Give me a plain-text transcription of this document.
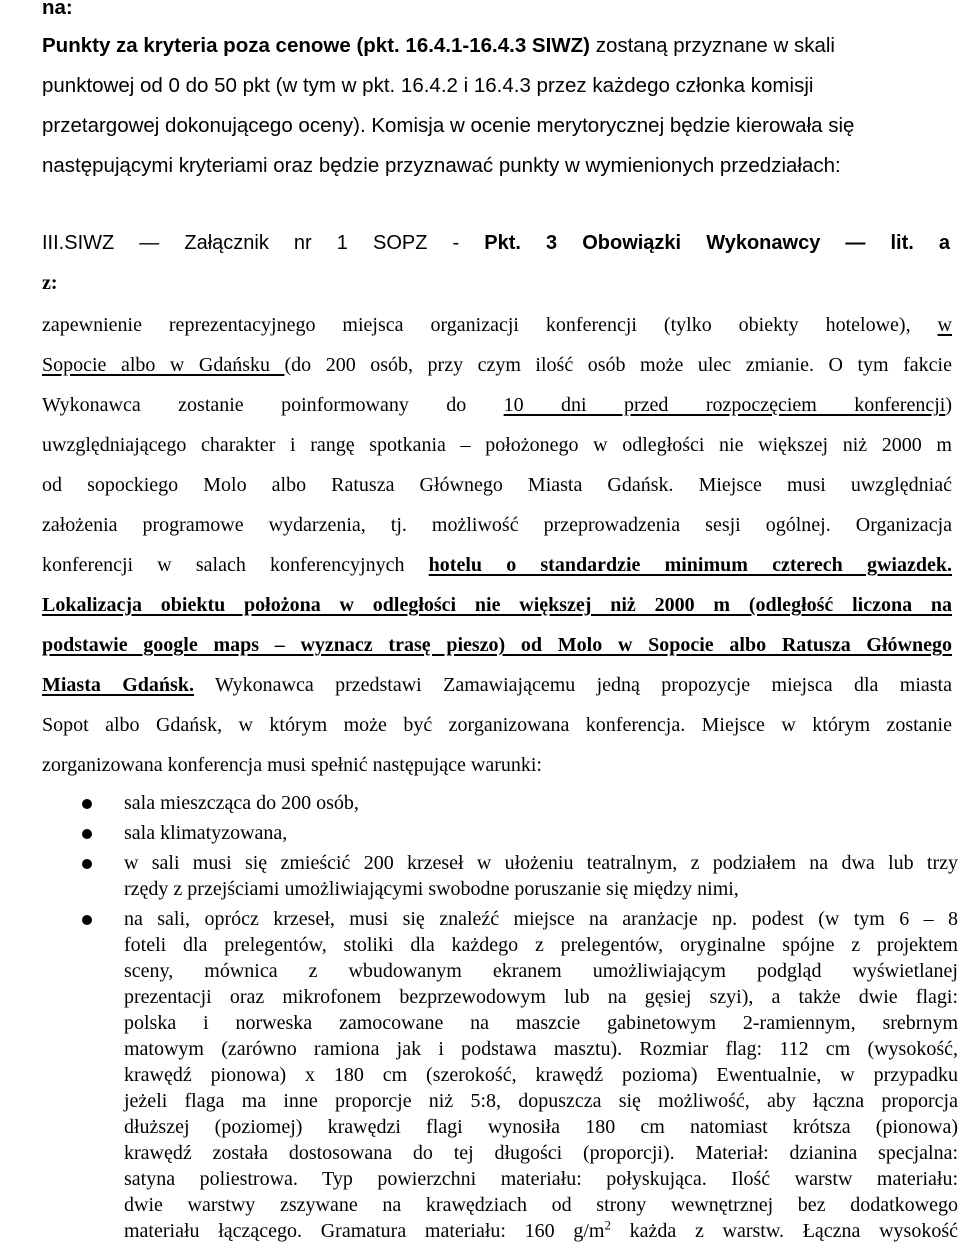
na:
Punkty za kryteria poza cenowe (pkt. 16.4.1-16.4.3 SIWZ) zostaną przyznane w skali
punktowej od 0 do 50 pkt (w tym w pkt. 16.4.2 i 16.4.3 przez każdego członka komisji
przetargowej dokonującego oceny). Komisja w ocenie merytorycznej będzie kierowała się
następującymi kryteriami oraz będzie przyznawać punkty w wymienionych przedziałach:
III.SIWZ — Załącznik nr 1 SOPZ - Pkt. 3 Obowiązki Wykonawcy — lit. a
z:
zapewnienie reprezentacyjnego miejsca organizacji konferencji (tylko obiekty hotelowe), w
Sopocie albo w Gdańsku (do 200 osób, przy czym ilość osób może ulec zmianie. O tym fakcie
Wykonawca zostanie poinformowany do 10 dni przed rozpoczęciem konferencji)
uwzględniającego charakter i rangę spotkania – położonego w odległości nie większej niż 2000 m
od sopockiego Molo albo Ratusza Głównego Miasta Gdańsk. Miejsce musi uwzględniać
założenia programowe wydarzenia, tj. możliwość przeprowadzenia sesji ogólnej. Organizacja
konferencji w salach konferencyjnych hotelu o standardzie minimum czterech gwiazdek.
Lokalizacja obiektu położona w odległości nie większej niż 2000 m (odległość liczona na
podstawie google maps – wyznacz trasę pieszo) od Molo w Sopocie albo Ratusza Głównego
Miasta Gdańsk. Wykonawca przedstawi Zamawiającemu jedną propozycje miejsca dla miasta
Sopot albo Gdańsk, w którym może być zorganizowana konferencja. Miejsce w którym zostanie
zorganizowana konferencja musi spełnić następujące warunki:
sala mieszcząca do 200 osób,
sala klimatyzowana,
w sali musi się zmieścić 200 krzeseł w ułożeniu teatralnym, z podziałem na dwa lub trzy
rzędy z przejściami umożliwiającymi swobodne poruszanie się między nimi,
na sali, oprócz krzeseł, musi się znaleźć miejsce na aranżacje np. podest (w tym 6 – 8
foteli dla prelegentów, stoliki dla każdego z prelegentów, oryginalne spójne z projektem
sceny, mównica z wbudowanym ekranem umożliwiającym podgląd wyświetlanej
prezentacji oraz mikrofonem bezprzewodowym lub na gęsiej szyi), a także dwie flagi:
polska i norweska zamocowane na maszcie gabinetowym 2-ramiennym, srebrnym
matowym (zarówno ramiona jak i podstawa masztu). Rozmiar flag: 112 cm (wysokość,
krawędź pionowa) x 180 cm (szerokość, krawędź pozioma) Ewentualnie, w przypadku
jeżeli flaga ma inne proporcje niż 5:8, dopuszcza się możliwość, aby łączna proporcja
dłuższej (poziomej) krawędzi flagi wynosiła 180 cm natomiast krótsza (pionowa)
krawędź została dostosowana do tej długości (proporcji). Materiał: dzianina specjalna:
satyna poliestrowa. Typ powierzchni materiału: połyskująca. Ilość warstw materiału:
dwie warstwy zszywane na krawędziach od strony wewnętrznej bez dodatkowego
materiału łączącego. Gramatura materiału: 160 $g/m^2$ każda z warstw. Łączna wysokość
